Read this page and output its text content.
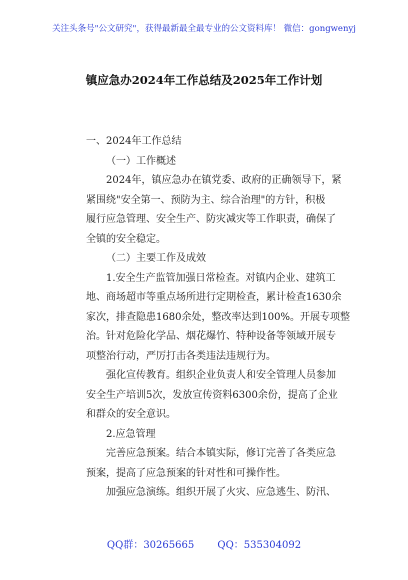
关注头条号"公文研究"，获得最新最全最专业的公文资料库！ 微信：gongwenyj
镇应急办2024年工作总结及2025年工作计划
一、2024年工作总结
（一）工作概述
2024年，镇应急办在镇党委、政府的正确领导下，紧
紧围绕"安全第一、预防为主、综合治理"的方针，积极
履行应急管理、安全生产、防灾减灾等工作职责，确保了
全镇的安全稳定。
（二）主要工作及成效
1.安全生产监管加强日常检查。对镇内企业、建筑工
地、商场超市等重点场所进行定期检查，累计检查1630余
家次，排查隐患1680余处，整改率达到100%。开展专项整
治。针对危险化学品、烟花爆竹、特种设备等领域开展专
项整治行动，严厉打击各类违法违规行为。
强化宣传教育。组织企业负责人和安全管理人员参加
安全生产培训5次，发放宣传资料6300余份，提高了企业
和群众的安全意识。
2.应急管理
完善应急预案。结合本镇实际，修订完善了各类应急
预案，提高了应急预案的针对性和可操作性。
加强应急演练。组织开展了火灾、应急逃生、防汛、
QQ群：30265665 QQ：535304092
